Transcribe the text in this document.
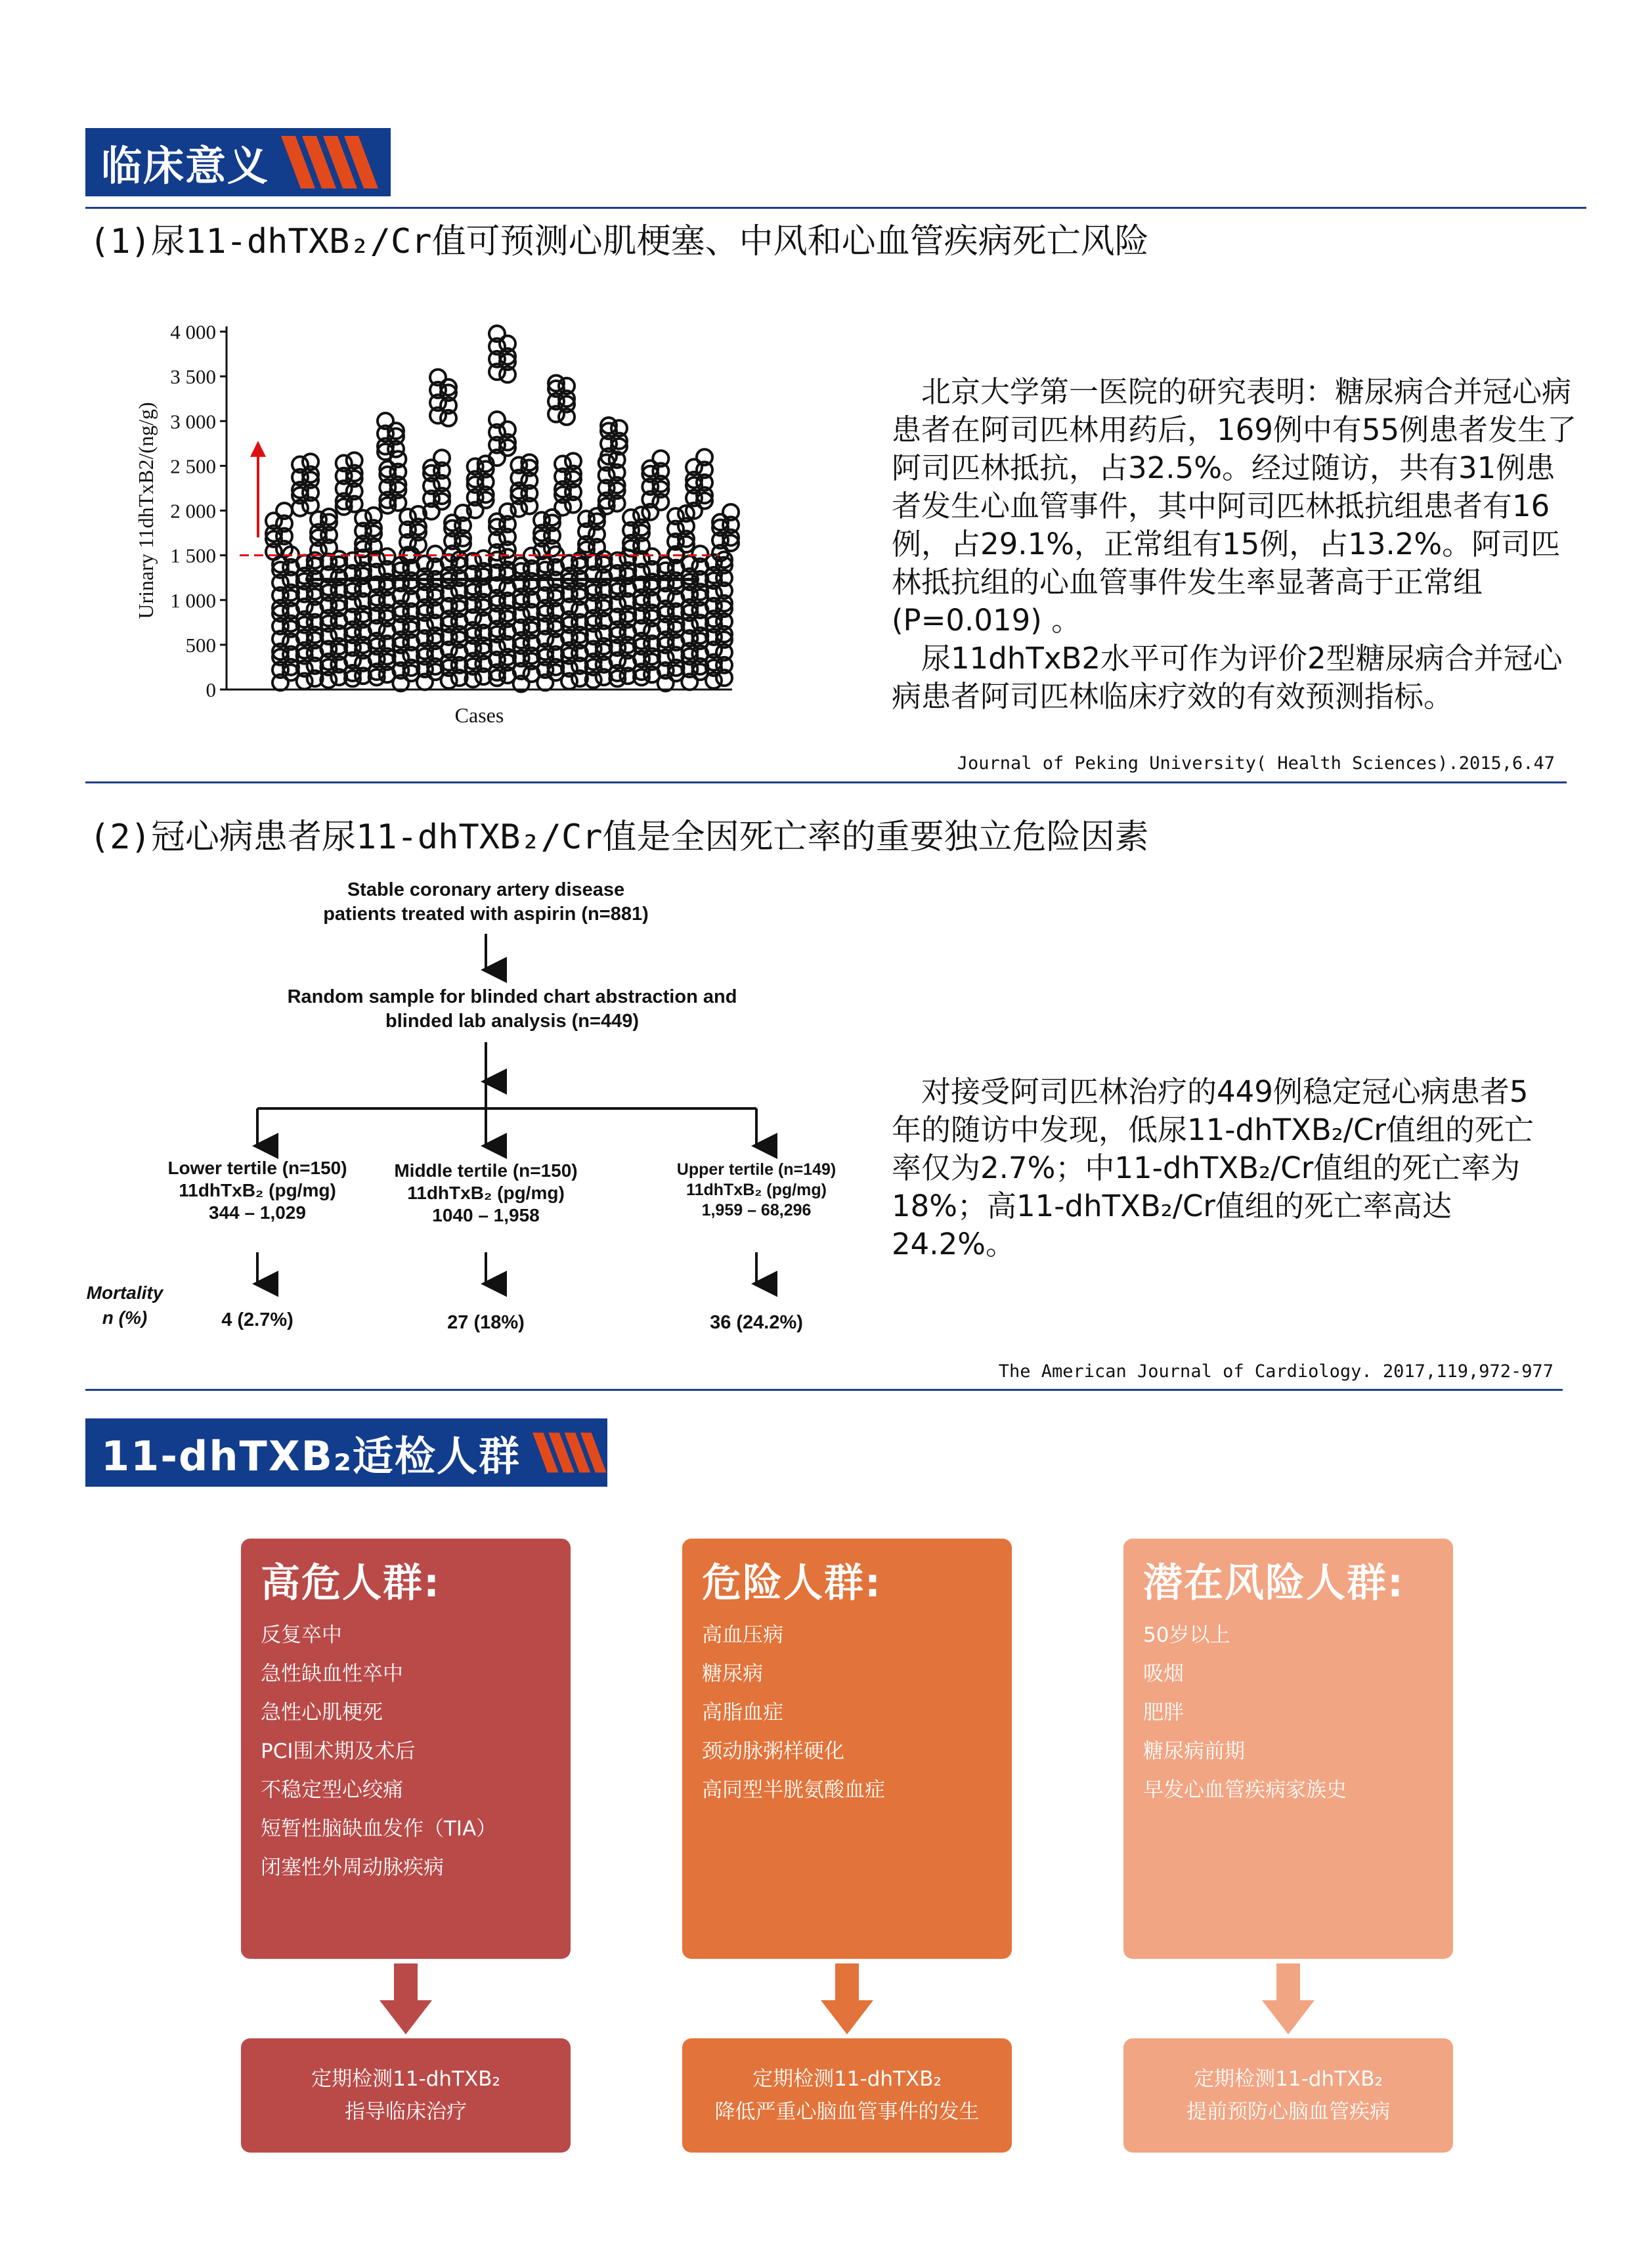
临床意义
(1)尿11-dhTXB₂/Cr值可预测心肌梗塞、中风和心血管疾病死亡风险
4 000
3 500
3 000
2 500
2 000
1 500
1 000
500
0
Urinary 11dhTxB2/(ng/g)
Cases

北京大学第一医院的研究表明：糖尿病合并冠心病患者在阿司匹林用药后，169例中有55例患者发生了阿司匹林抵抗，占32.5%。经过随访，共有31例患者发生心血管事件，其中阿司匹林抵抗组患者有16例，占29.1%，正常组有15例，占13.2%。阿司匹林抵抗组的心血管事件发生率显著高于正常组(P=0.019) 。

尿11dhTxB2水平可作为评价2型糖尿病合并冠心病患者阿司匹林临床疗效的有效预测指标。

Journal of Peking University( Health Sciences).2015,6.47
(2)冠心病患者尿11-dhTXB₂/Cr值是全因死亡率的重要独立危险因素
Stable coronary artery disease
patients treated with aspirin (n=881)
Random sample for blinded chart abstraction and
blinded lab analysis (n=449)
Lower tertile (n=150)
11dhTxB₂ (pg/mg)
344 – 1,029
Middle tertile (n=150)
11dhTxB₂ (pg/mg)
1040 – 1,958
Upper tertile (n=149)
11dhTxB₂ (pg/mg)
1,959 – 68,296
Mortality
n (%)	4 (2.7%)	27 (18%)	36 (24.2%)

对接受阿司匹林治疗的449例稳定冠心病患者5年的随访中发现，低尿11-dhTXB₂/Cr值组的死亡率仅为2.7%；中11-dhTXB₂/Cr值组的死亡率为18%；高11-dhTXB₂/Cr值组的死亡率高达24.2%。

The American Journal of Cardiology. 2017,119,972-977
11-dhTXB₂适检人群
高危人群:
反复卒中
急性缺血性卒中
急性心肌梗死
PCI围术期及术后
不稳定型心绞痛
短暂性脑缺血发作（TIA）
闭塞性外周动脉疾病
危险人群:
高血压病
糖尿病
高脂血症
颈动脉粥样硬化
高同型半胱氨酸血症
潜在风险人群:
50岁以上
吸烟
肥胖
糖尿病前期
早发心血管疾病家族史
定期检测11-dhTXB₂
指导临床治疗
定期检测11-dhTXB₂
降低严重心脑血管事件的发生
定期检测11-dhTXB₂
提前预防心脑血管疾病
